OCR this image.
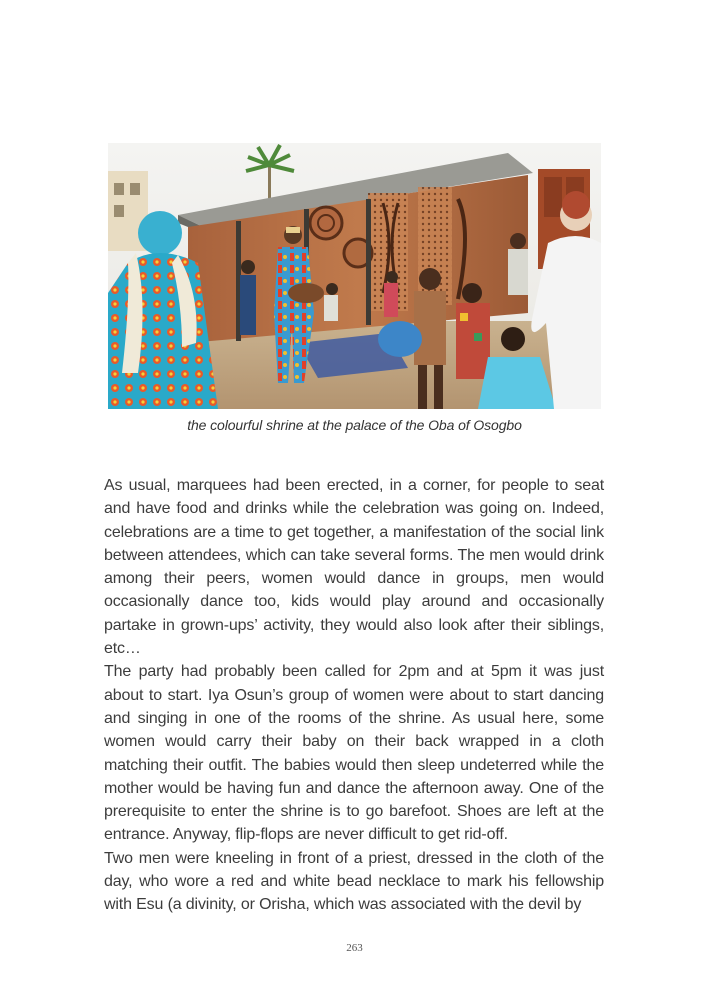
the colourful shrine at the palace of the Oba of Osogbo

As usual, marquees had been erected, in a corner, for people to seat and have food and drinks while the celebration was going on. Indeed, celebrations are a time to get together, a manifestation of the social link between attendees, which can take several forms. The men would drink among their peers, women would dance in groups, men would occasionally dance too, kids would play around and occasionally partake in grown-ups’ activity, they would also look after their siblings, etc…

The party had probably been called for 2pm and at 5pm it was just about to start. Iya Osun’s group of women were about to start dancing and singing in one of the rooms of the shrine. As usual here, some women would carry their baby on their back wrapped in a cloth matching their outfit. The babies would then sleep undeterred while the mother would be having fun and dance the afternoon away. One of the prerequisite to enter the shrine is to go barefoot. Shoes are left at the entrance. Anyway, flip-flops are never difficult to get rid-off.

Two men were kneeling in front of a priest, dressed in the cloth of the day, who wore a red and white bead necklace to mark his fellowship with Esu (a divinity, or Orisha, which was associated with the devil by

263
